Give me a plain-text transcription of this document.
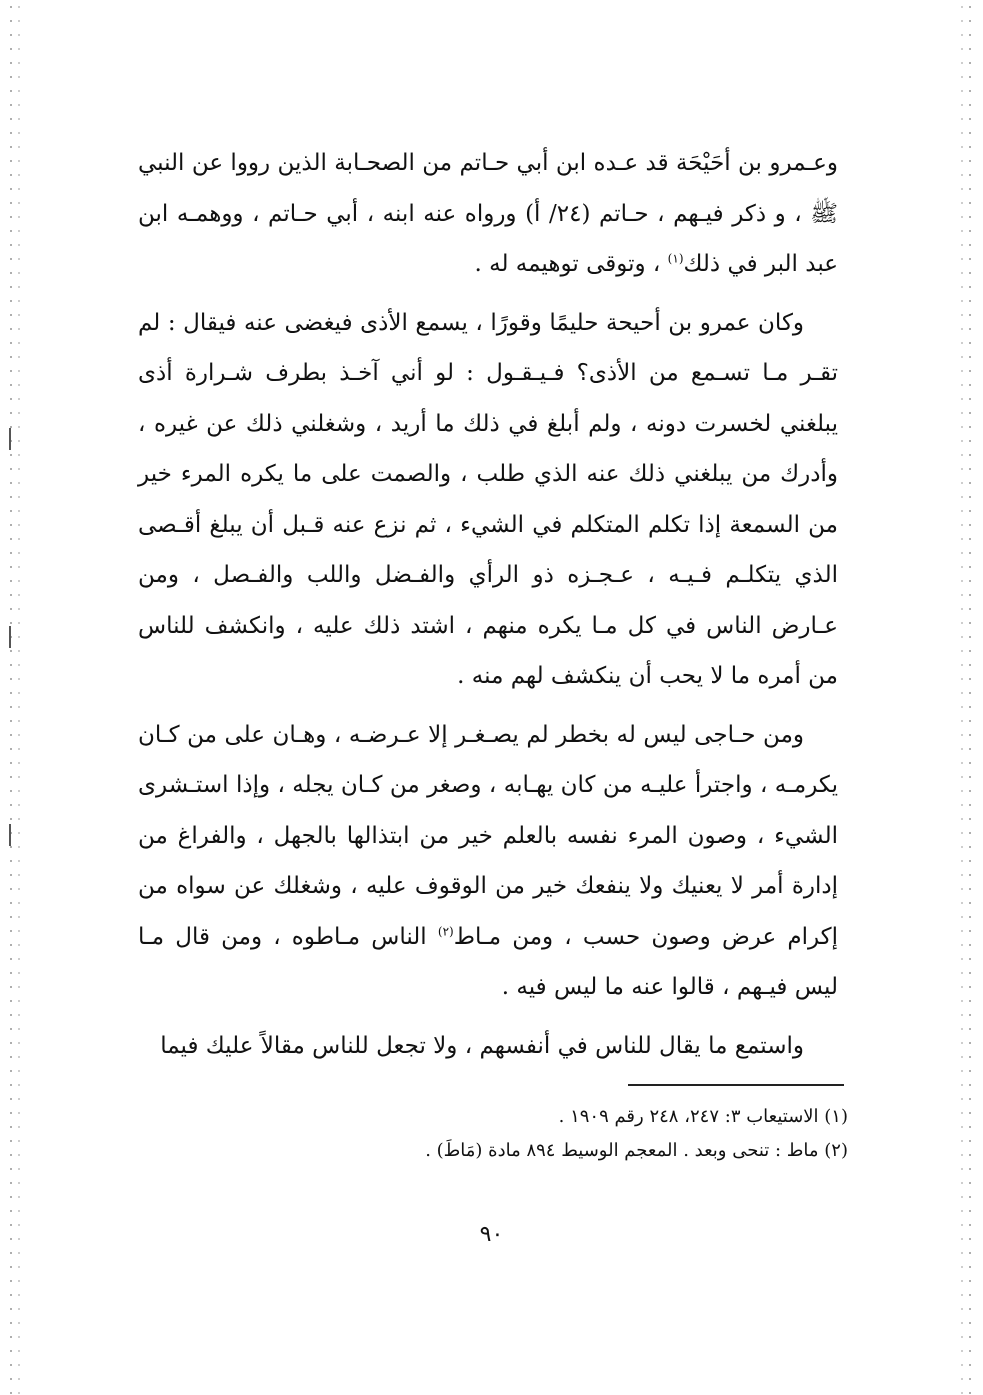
وعـمرو بن أحَيْحَة قد عـده ابن أبي حـاتم من الصحـابة الذين رووا عن النبي ﷺ ، و ذكر فيـهم ، حـاتم (٢٤/ أ) ورواه عنه ابنه ، أبي حـاتم ، ووهمـه ابن عبد البر في ذلك$^{(١)}$ ، وتوقى توهيمه له .

وكان عمرو بن أحيحة حليمًا وقورًا ، يسمع الأذى فيغضى عنه فيقال : لم تقـر مـا تسـمع من الأذى؟ فـيـقـول : لو أني آخـذ بطرف شـرارة أذى يبلغني لخسرت دونه ، ولم أبلغ في ذلك ما أريد ، وشغلني ذلك عن غيره ، وأدرك من يبلغني ذلك عنه الذي طلب ، والصمت على ما يكره المرء خير من السمعة إذا تكلم المتكلم في الشيء ، ثم نزع عنه قـبل أن يبلغ أقـصى الذي يتكلـم فـيـه ، عـجـزه ذو الرأي والفـضل واللب والفـصل ، ومن عـارض الناس في كل مـا يكره منهم ، اشتد ذلك عليه ، وانكشف للناس من أمره ما لا يحب أن ينكشف لهم منه .

ومن حـاجى ليس له بخطر لم يصـغـر إلا عـرضـه ، وهـان على من كـان يكرمـه ، واجترأ عليـه من كان يهـابه ، وصغر من كـان يجله ، وإذا استـشرى الشيء ، وصون المرء نفسه بالعلم خير من ابتذالها بالجهل ، والفراغ من إدارة أمر لا يعنيك ولا ينفعك خير من الوقوف عليه ، وشغلك عن سواه من إكرام عرض وصون حسب ، ومن مـاط$^{(٢)}$ الناس مـاطوه ، ومن قال مـا ليس فيـهم ، قالوا عنه ما ليس فيه .

واستمع ما يقال للناس في أنفسهم ، ولا تجعل للناس مقالاً عليك فيما

(١) الاستيعاب ٣: ٢٤٧، ٢٤٨ رقم ١٩٠٩ .
(٢) ماط : تنحى وبعد . المعجم الوسيط ٨٩٤ مادة (مَاطَ) .
٩٠
